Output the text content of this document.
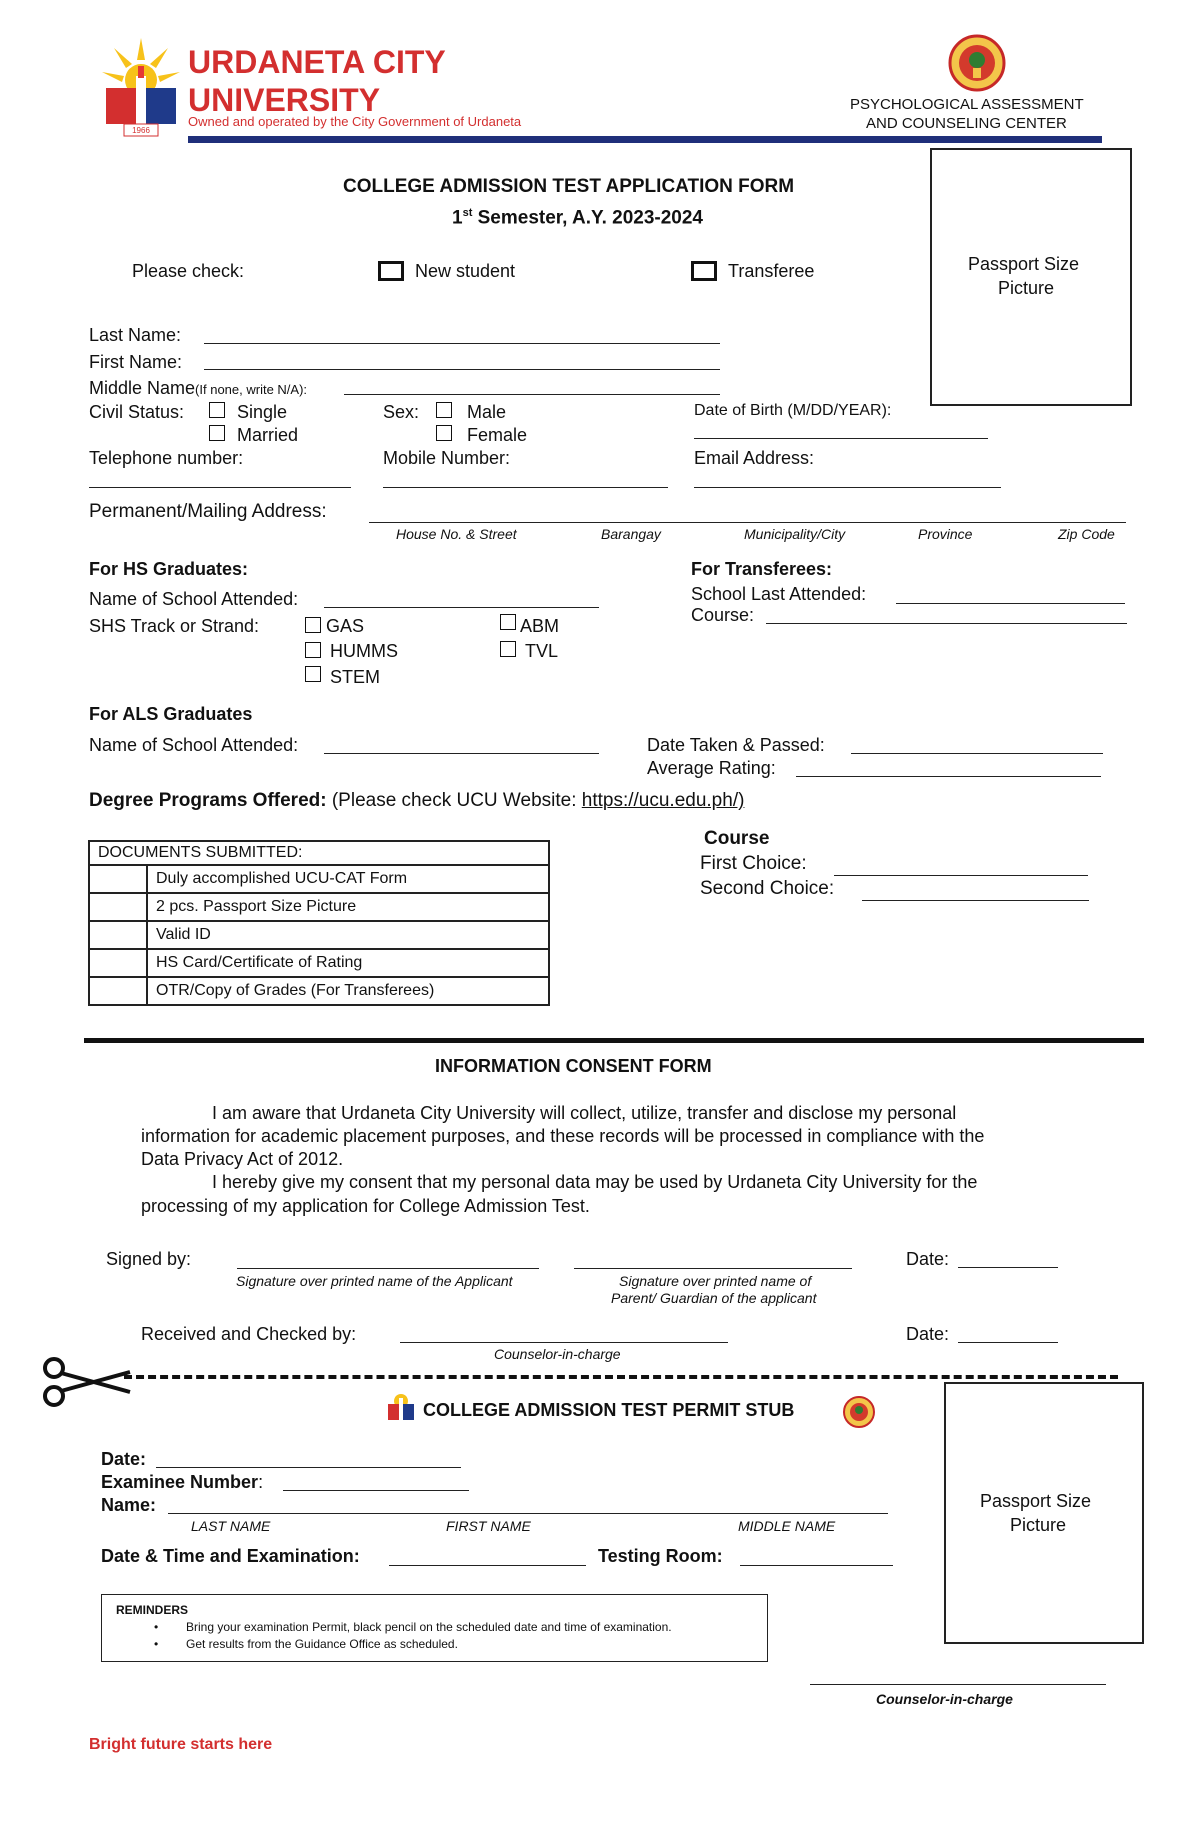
1966
URDANETA CITY
UNIVERSITY
Owned and operated by the City Government of Urdaneta
PSYCHOLOGICAL ASSESSMENT
AND COUNSELING CENTER
COLLEGE ADMISSION TEST APPLICATION FORM
1st Semester, A.Y. 2023-2024
Passport Size
Picture
Please check:	New student	Transferee
Last Name:
First Name:
Middle Name(If none, write N/A):
Civil Status:	Single
Married
Sex:	Male
Female
Date of Birth (M/DD/YEAR):
Telephone number:	Mobile Number:	Email Address:
Permanent/Mailing Address:
House No. & Street	Barangay	Municipality/City	Province	Zip Code
For HS Graduates:
Name of School Attended:
SHS Track or Strand:	GAS	ABM
HUMMS	TVL
STEM
For Transferees:
School Last Attended:
Course:
For ALS Graduates
Name of School Attended:	Date Taken & Passed:
Average Rating:
Degree Programs Offered: (Please check UCU Website: https://ucu.edu.ph/)
DOCUMENTS SUBMITTED:	
	Duly accomplished UCU-CAT Form
	2 pcs. Passport Size Picture
	Valid ID
	HS Card/Certificate of Rating
	OTR/Copy of Grades (For Transferees)
Course
First Choice:
Second Choice:
INFORMATION CONSENT FORM
I am aware that Urdaneta City University will collect, utilize, transfer and disclose my personal
information for academic placement purposes, and these records will be processed in compliance with the
Data Privacy Act of 2012.
I hereby give my consent that my personal data may be used by Urdaneta City University for the
processing of my application for College Admission Test.
Signed by:
Signature over printed name of the Applicant	Signature over printed name of
Parent/ Guardian of the applicant
Date:
Received and Checked by:
Counselor-in-charge
Date:
COLLEGE ADMISSION TEST PERMIT STUB
Passport Size
Picture
Date:
Examinee Number:
Name:
LAST NAME	FIRST NAME	MIDDLE NAME
Date & Time and Examination:	Testing Room:
REMINDERS
• Bring your examination Permit, black pencil on the scheduled date and time of examination.
• Get results from the Guidance Office as scheduled.
Counselor-in-charge
Bright future starts here
